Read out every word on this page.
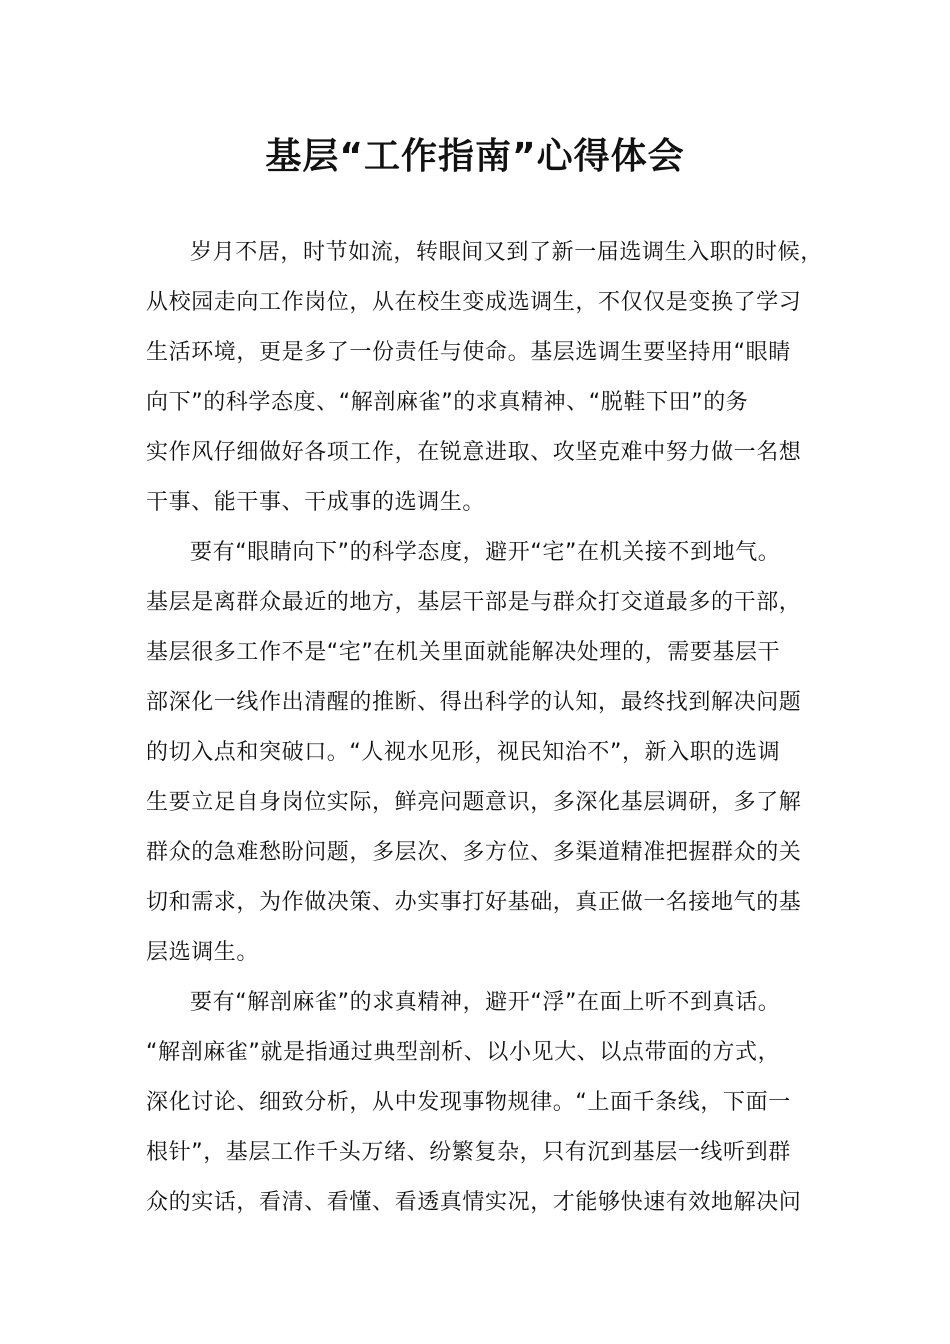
基层“工作指南”心得体会
岁月不居，时节如流，转眼间又到了新一届选调生入职的时候，
从校园走向工作岗位，从在校生变成选调生，不仅仅是变换了学习
生活环境，更是多了一份责任与使命。基层选调生要坚持用“眼睛
向下”的科学态度、“解剖麻雀”的求真精神、“脱鞋下田”的务
实作风仔细做好各项工作，在锐意进取、攻坚克难中努力做一名想
干事、能干事、干成事的选调生。
要有“眼睛向下”的科学态度，避开“宅”在机关接不到地气。
基层是离群众最近的地方，基层干部是与群众打交道最多的干部，
基层很多工作不是“宅”在机关里面就能解决处理的，需要基层干
部深化一线作出清醒的推断、得出科学的认知，最终找到解决问题
的切入点和突破口。“人视水见形，视民知治不”，新入职的选调
生要立足自身岗位实际，鲜亮问题意识，多深化基层调研，多了解
群众的急难愁盼问题，多层次、多方位、多渠道精准把握群众的关
切和需求，为作做决策、办实事打好基础，真正做一名接地气的基
层选调生。
要有“解剖麻雀”的求真精神，避开“浮”在面上听不到真话。
“解剖麻雀”就是指通过典型剖析、以小见大、以点带面的方式，
深化讨论、细致分析，从中发现事物规律。“上面千条线，下面一
根针”，基层工作千头万绪、纷繁复杂，只有沉到基层一线听到群
众的实话，看清、看懂、看透真情实况，才能够快速有效地解决问
